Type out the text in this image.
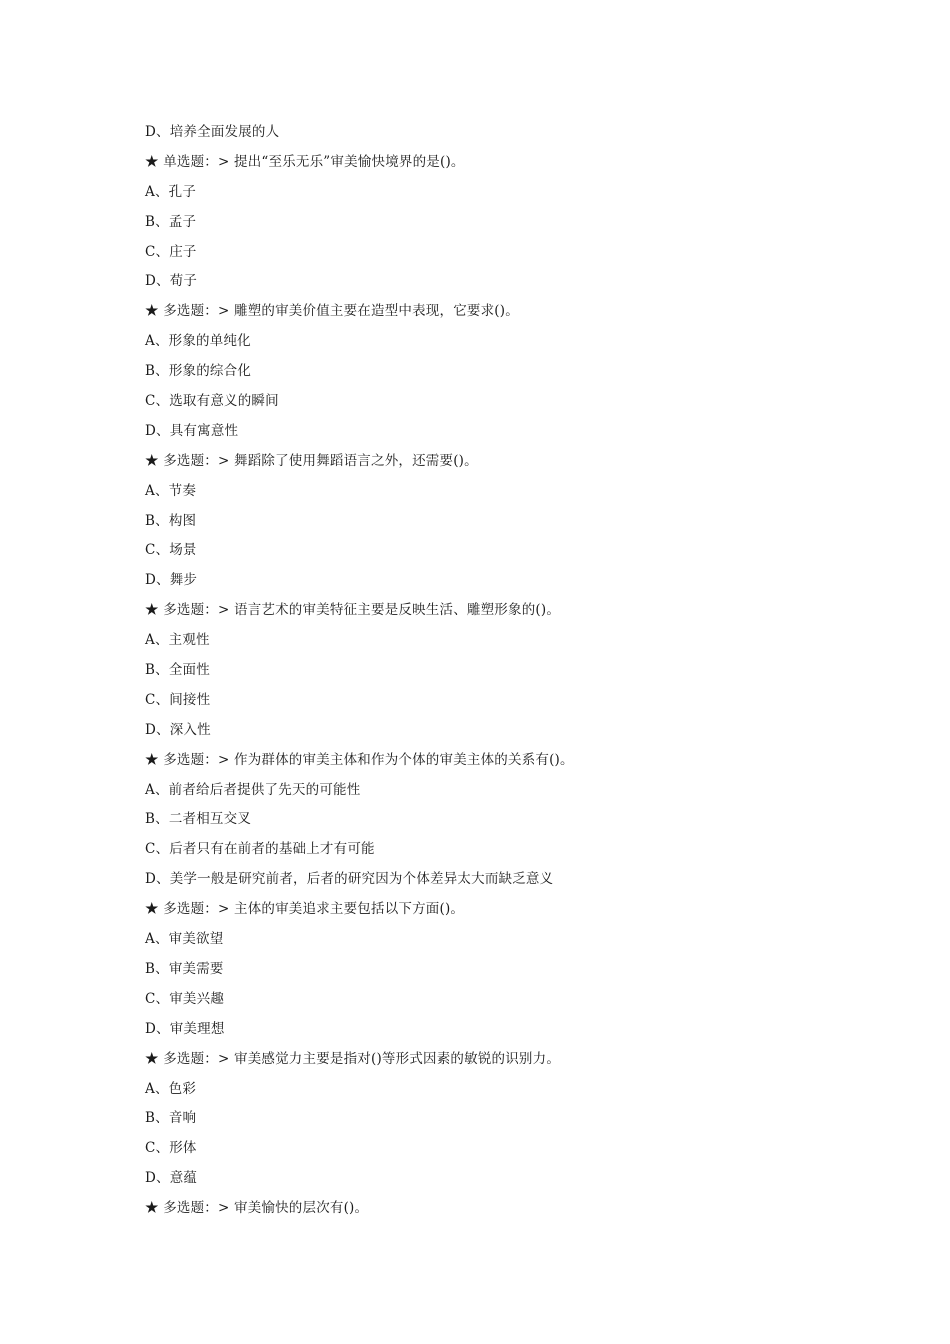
D、培养全面发展的人
★ 单选题：> 提出“至乐无乐”审美愉快境界的是()。
A、孔子
B、孟子
C、庄子
D、荀子
★ 多选题：> 雕塑的审美价值主要在造型中表现，它要求()。
A、形象的单纯化
B、形象的综合化
C、选取有意义的瞬间
D、具有寓意性
★ 多选题：> 舞蹈除了使用舞蹈语言之外，还需要()。
A、节奏
B、构图
C、场景
D、舞步
★ 多选题：> 语言艺术的审美特征主要是反映生活、雕塑形象的()。
A、主观性
B、全面性
C、间接性
D、深入性
★ 多选题：> 作为群体的审美主体和作为个体的审美主体的关系有()。
A、前者给后者提供了先天的可能性
B、二者相互交叉
C、后者只有在前者的基础上才有可能
D、美学一般是研究前者，后者的研究因为个体差异太大而缺乏意义
★ 多选题：> 主体的审美追求主要包括以下方面()。
A、审美欲望
B、审美需要
C、审美兴趣
D、审美理想
★ 多选题：> 审美感觉力主要是指对()等形式因素的敏锐的识别力。
A、色彩
B、音响
C、形体
D、意蕴
★ 多选题：> 审美愉快的层次有()。
